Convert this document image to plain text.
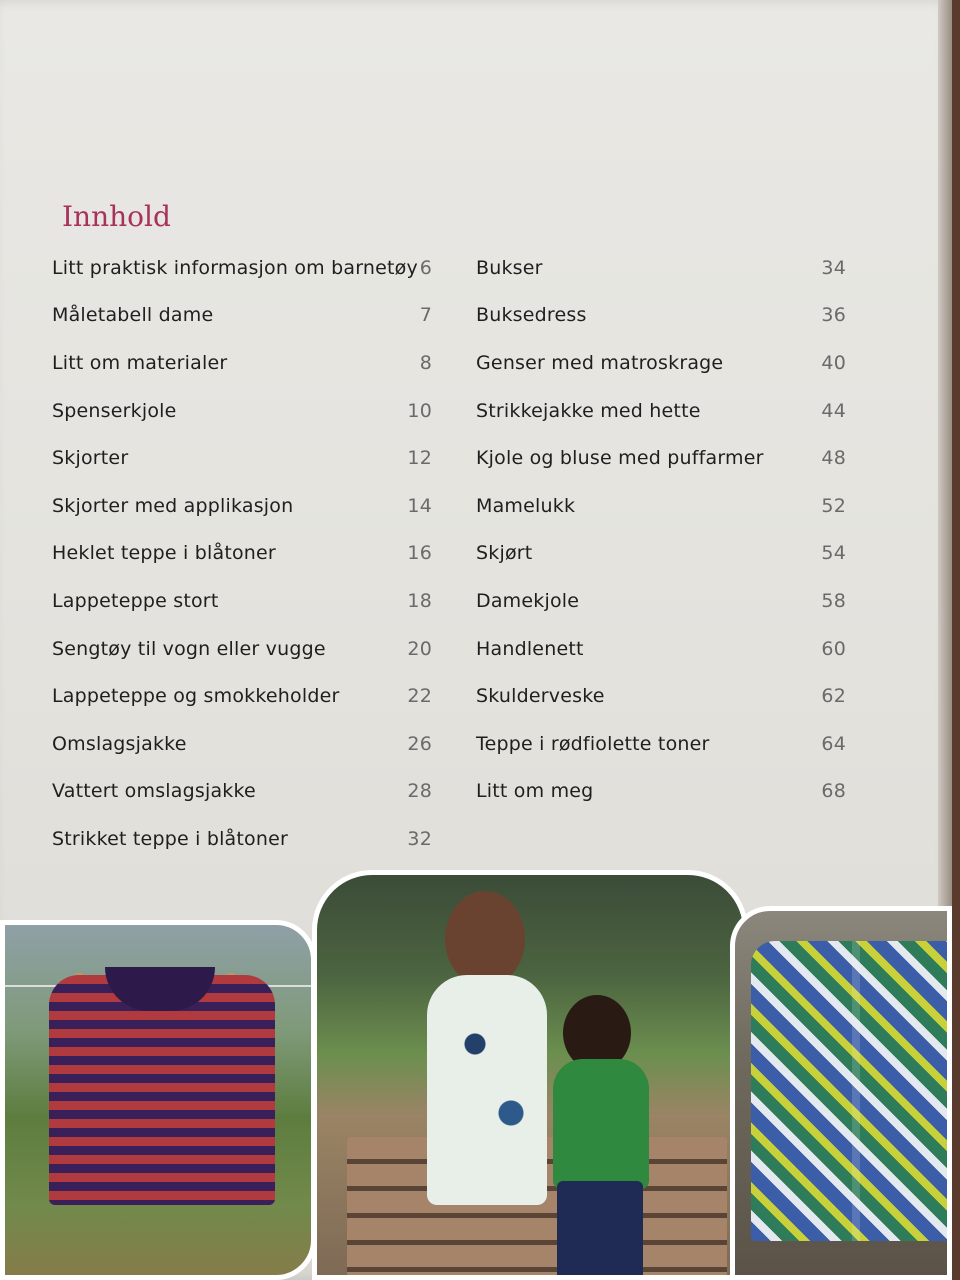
Innhold
Litt praktisk informasjon om barnetøy 6
Måletabell dame	7
Litt om materialer	8
Spenserkjole	10
Skjorter	12
Skjorter med applikasjon	14
Heklet teppe i blåtoner	16
Lappeteppe stort	18
Sengtøy til vogn eller vugge	20
Lappeteppe og smokkeholder	22
Omslagsjakke	26
Vattert omslagsjakke	28
Strikket teppe i blåtoner	32
Bukser	34
Buksedress	36
Genser med matroskrage	40
Strikkejakke med hette	44
Kjole og bluse med puffarmer	48
Mamelukk	52
Skjørt	54
Damekjole	58
Handlenett	60
Skulderveske	62
Teppe i rødfiolette toner	64
Litt om meg	68
